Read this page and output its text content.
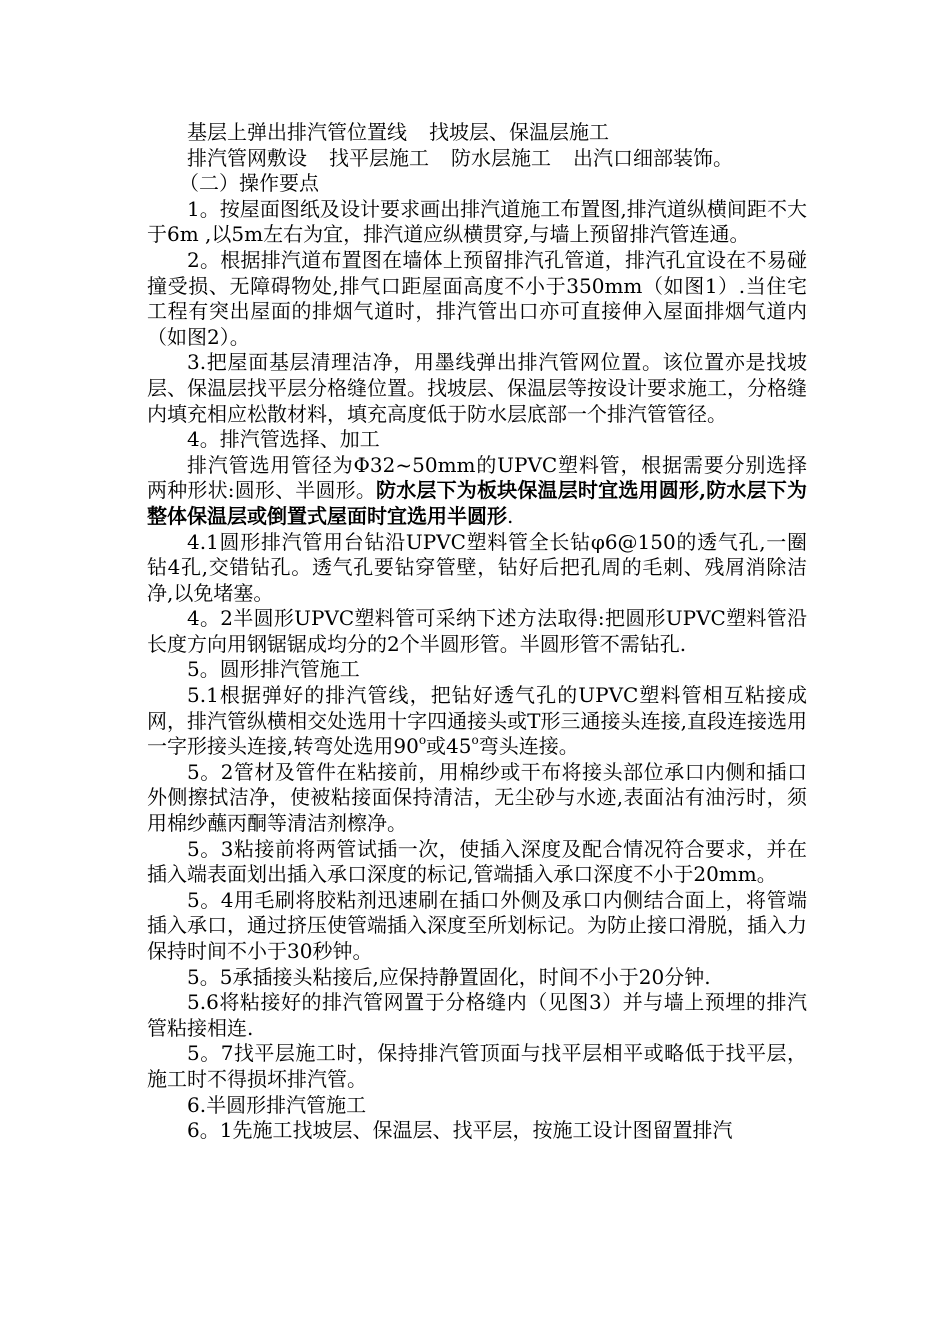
基层上弹出排汽管位置线 找坡层、保温层施工

排汽管网敷设 找平层施工 防水层施工 出汽口细部装饰。

（二）操作要点

1。按屋面图纸及设计要求画出排汽道施工布置图,排汽道纵横间距不大于6m ,以5m左右为宜，排汽道应纵横贯穿,与墙上预留排汽管连通。

2。根据排汽道布置图在墙体上预留排汽孔管道，排汽孔宜设在不易碰撞受损、无障碍物处,排气口距屋面高度不小于350mm（如图1）.当住宅工程有突出屋面的排烟气道时，排汽管出口亦可直接伸入屋面排烟气道内（如图2）。

3.把屋面基层清理洁净，用墨线弹出排汽管网位置。该位置亦是找坡层、保温层找平层分格缝位置。找坡层、保温层等按设计要求施工，分格缝内填充相应松散材料，填充高度低于防水层底部一个排汽管管径。

4。排汽管选择、加工

排汽管选用管径为Φ32~50mm的UPVC塑料管，根据需要分别选择两种形状:圆形、半圆形。防水层下为板块保温层时宜选用圆形,防水层下为整体保温层或倒置式屋面时宜选用半圆形.

4.1圆形排汽管用台钻沿UPVC塑料管全长钻φ6@150的透气孔,一圈钻4孔,交错钻孔。透气孔要钻穿管壁，钻好后把孔周的毛刺、残屑消除洁净,以免堵塞。

4。2半圆形UPVC塑料管可采纳下述方法取得:把圆形UPVC塑料管沿长度方向用钢锯锯成均分的2个半圆形管。半圆形管不需钻孔.

5。圆形排汽管施工

5.1根据弹好的排汽管线，把钻好透气孔的UPVC塑料管相互粘接成网，排汽管纵横相交处选用十字四通接头或T形三通接头连接,直段连接选用一字形接头连接,转弯处选用90$^o$或45$^o$弯头连接。

5。2管材及管件在粘接前，用棉纱或干布将接头部位承口内侧和插口外侧擦拭洁净，使被粘接面保持清洁，无尘砂与水迹,表面沾有油污时，须用棉纱蘸丙酮等清洁剂檫净。

5。3粘接前将两管试插一次，使插入深度及配合情况符合要求，并在插入端表面划出插入承口深度的标记,管端插入承口深度不小于20mm。

5。4用毛刷将胶粘剂迅速刷在插口外侧及承口内侧结合面上，将管端插入承口，通过挤压使管端插入深度至所划标记。为防止接口滑脱，插入力保持时间不小于30秒钟。

5。5承插接头粘接后,应保持静置固化，时间不小于20分钟.

5.6将粘接好的排汽管网置于分格缝内（见图3）并与墙上预埋的排汽管粘接相连.

5。7找平层施工时，保持排汽管顶面与找平层相平或略低于找平层，施工时不得损坏排汽管。

6.半圆形排汽管施工

6。1先施工找坡层、保温层、找平层，按施工设计图留置排汽
